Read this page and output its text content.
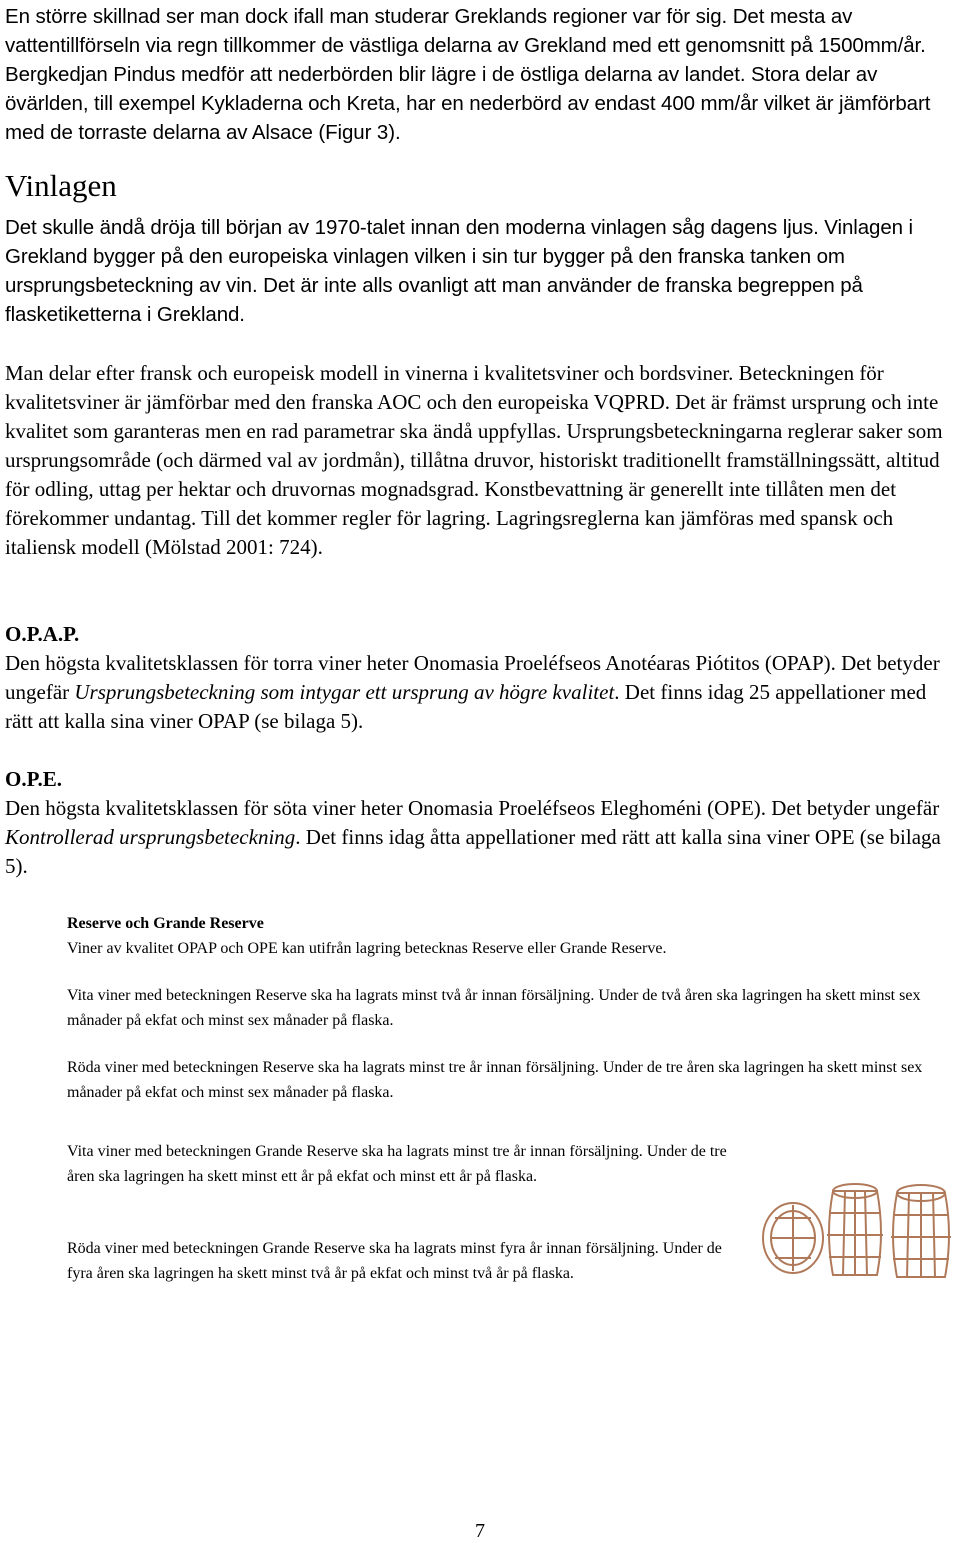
En större skillnad ser man dock ifall man studerar Greklands regioner var för sig. Det mesta av vattentillförseln via regn tillkommer de västliga delarna av Grekland med ett genomsnitt på 1500mm/år. Bergkedjan Pindus medför att nederbörden blir lägre i de östliga delarna av landet. Stora delar av övärlden, till exempel Kykladerna och Kreta, har en nederbörd av endast 400 mm/år vilket är jämförbart med de torraste delarna av Alsace (Figur 3).

Vinlagen

Det skulle ändå dröja till början av 1970-talet innan den moderna vinlagen såg dagens ljus. Vinlagen i Grekland bygger på den europeiska vinlagen vilken i sin tur bygger på den franska tanken om ursprungsbeteckning av vin. Det är inte alls ovanligt att man använder de franska begreppen på flasketiketterna i Grekland.

Man delar efter fransk och europeisk modell in vinerna i kvalitetsviner och bordsviner. Beteckningen för kvalitetsviner är jämförbar med den franska AOC och den europeiska VQPRD. Det är främst ursprung och inte kvalitet som garanteras men en rad parametrar ska ändå uppfyllas. Ursprungsbeteckningarna reglerar saker som ursprungsområde (och därmed val av jordmån), tillåtna druvor, historiskt traditionellt framställningssätt, altitud för odling, uttag per hektar och druvornas mognadsgrad. Konstbevattning är generellt inte tillåten men det förekommer undantag. Till det kommer regler för lagring. Lagringsreglerna kan jämföras med spansk och italiensk modell (Mölstad 2001: 724).

O.P.A.P.

Den högsta kvalitetsklassen för torra viner heter Onomasia Proeléfseos Anotéaras Piótitos (OPAP). Det betyder ungefär Ursprungsbeteckning som intygar ett ursprung av högre kvalitet. Det finns idag 25 appellationer med rätt att kalla sina viner OPAP (se bilaga 5).

O.P.E.

Den högsta kvalitetsklassen för söta viner heter Onomasia Proeléfseos Eleghoméni (OPE). Det betyder ungefär Kontrollerad ursprungsbeteckning. Det finns idag åtta appellationer med rätt att kalla sina viner OPE (se bilaga 5).

Reserve och Grande Reserve

Viner av kvalitet OPAP och OPE kan utifrån lagring betecknas Reserve eller Grande Reserve.

Vita viner med beteckningen Reserve ska ha lagrats minst två år innan försäljning. Under de två åren ska lagringen ha skett minst sex månader på ekfat och minst sex månader på flaska.

Röda viner med beteckningen Reserve ska ha lagrats minst tre år innan försäljning. Under de tre åren ska lagringen ha skett minst sex månader på ekfat och minst sex månader på flaska.

Vita viner med beteckningen Grande Reserve ska ha lagrats minst tre år innan försäljning. Under de tre åren ska lagringen ha skett minst ett år på ekfat och minst ett år på flaska.

Röda viner med beteckningen Grande Reserve ska ha lagrats minst fyra år innan försäljning. Under de fyra åren ska lagringen ha skett minst två år på ekfat och minst två år på flaska.

7
